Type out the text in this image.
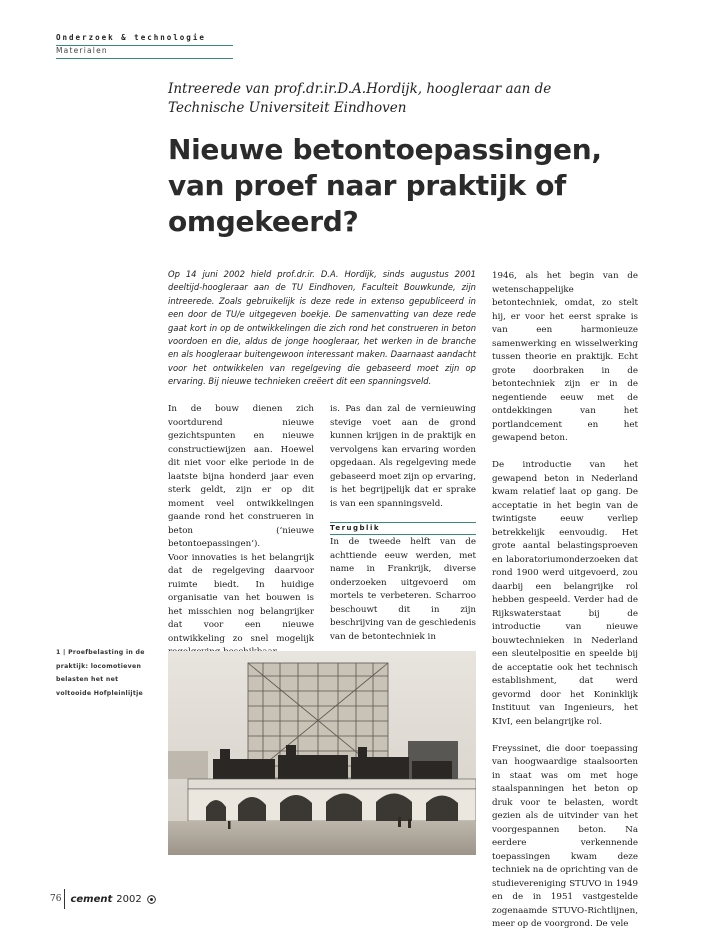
Onderzoek & technologie
Materialen
Intreerede van prof.dr.ir.D.A.Hordijk, hoogleraar aan de Technische Universiteit Eindhoven
Nieuwe betontoepassingen, van proef naar praktijk of omgekeerd?
Op 14 juni 2002 hield prof.dr.ir. D.A. Hordijk, sinds augustus 2001 deeltijd-hoogleraar aan de TU Eindhoven, Faculteit Bouwkunde, zijn intreerede. Zoals gebruikelijk is deze rede in extenso gepubliceerd in een door de TU/e uitgegeven boekje. De samenvatting van deze rede gaat kort in op de ontwikkelingen die zich rond het construeren in beton voordoen en die, aldus de jonge hoogleraar, het werken in de branche en als hoogleraar buitengewoon interessant maken. Daarnaast aandacht voor het ontwikkelen van regelgeving die gebaseerd moet zijn op ervaring. Bij nieuwe technieken creëert dit een spanningsveld.

In de bouw dienen zich voortdurend nieuwe gezichtspunten en nieuwe constructiewijzen aan. Hoewel dit niet voor elke periode in de laatste bijna honderd jaar even sterk geldt, zijn er op dit moment veel ontwikkelingen gaande rond het construeren in beton (‘nieuwe betontoepassingen’).

Voor innovaties is het belangrijk dat de regelgeving daarvoor ruimte biedt. In huidige organisatie van het bouwen is het misschien nog belangrijker dat voor een nieuwe ontwikkeling zo snel mogelijk

is. Pas dan zal de vernieuwing stevige voet aan de grond kunnen krijgen in de praktijk en vervolgens kan ervaring worden opgedaan. Als regelgeving mede gebaseerd moet zijn op ervaring, is het begrijpelijk dat er sprake is van een spanningsveld.

Terugblik

In de tweede helft van de achttiende eeuw werden, met name in Frankrijk, diverse onderzoeken uitgevoerd om mortels te verbeteren. Scharroo beschouwt dit in zijn beschrijving van de geschiedenis van de betontechniek in

1946, als het begin van de wetenschappelijke betontechniek, omdat, zo stelt hij, er voor het eerst sprake is van een harmonieuze samenwerking en wisselwerking tussen theorie en praktijk. Echt grote doorbraken in de betontechniek zijn er in de negentiende eeuw met de ontdekkingen van het portlandcement en het gewapend beton.

De introductie van het gewapend beton in Nederland kwam relatief laat op gang. De acceptatie in het begin van de twintigste eeuw verliep betrekkelijk eenvoudig. Het grote aantal belastingsproeven en laboratoriumonderzoeken dat rond 1900 werd uitgevoerd, zou daarbij een belangrijke rol hebben gespeeld. Verder had de Rijkswaterstaat bij de introductie van nieuwe bouwtechnieken in Nederland een sleutelpositie en speelde bij de acceptatie ook het technisch establishment, dat werd gevormd door het Koninklijk Instituut van Ingenieurs, het KIvI, een belangrijke rol.

Freyssinet, die door toepassing van hoogwaardige staalsoorten in staat was om met hoge staalspanningen het beton op druk voor te belasten, wordt gezien als de uitvinder van het voorgespannen beton. Na eerdere verkennende toepassingen kwam deze techniek na de oprichting van de studievereniging STUVO in 1949 en de in 1951 vastgestelde zogenaamde STUVO-Richtlijnen, meer op de voorgrond. De vele

1 | Proefbelasting in de praktijk: locomotieven belasten het net voltooide Hofpleinlijtje
76 cement 2002
